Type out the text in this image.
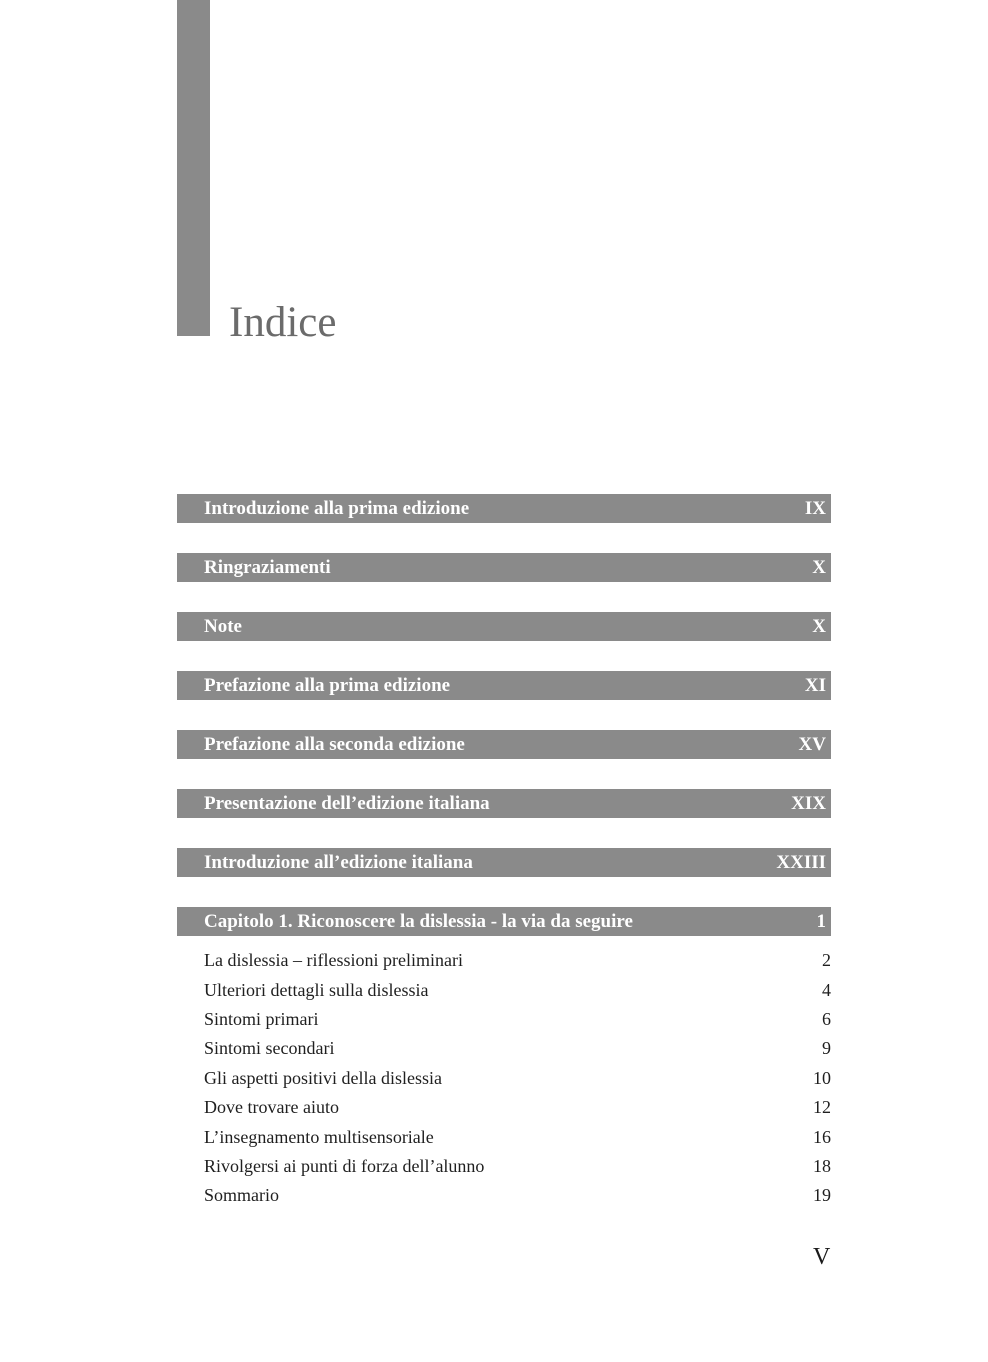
Indice
Introduzione alla prima edizione	IX
Ringraziamenti	X
Note	X
Prefazione alla prima edizione	XI
Prefazione alla seconda edizione	XV
Presentazione dell’edizione italiana	XIX
Introduzione all’edizione italiana	XXIII
Capitolo 1. Riconoscere la dislessia - la via da seguire	1
La dislessia – riflessioni preliminari	2
Ulteriori dettagli sulla dislessia	4
Sintomi primari	6
Sintomi secondari	9
Gli aspetti positivi della dislessia	10
Dove trovare aiuto	12
L’insegnamento multisensoriale	16
Rivolgersi ai punti di forza dell’alunno	18
Sommario	19
V
